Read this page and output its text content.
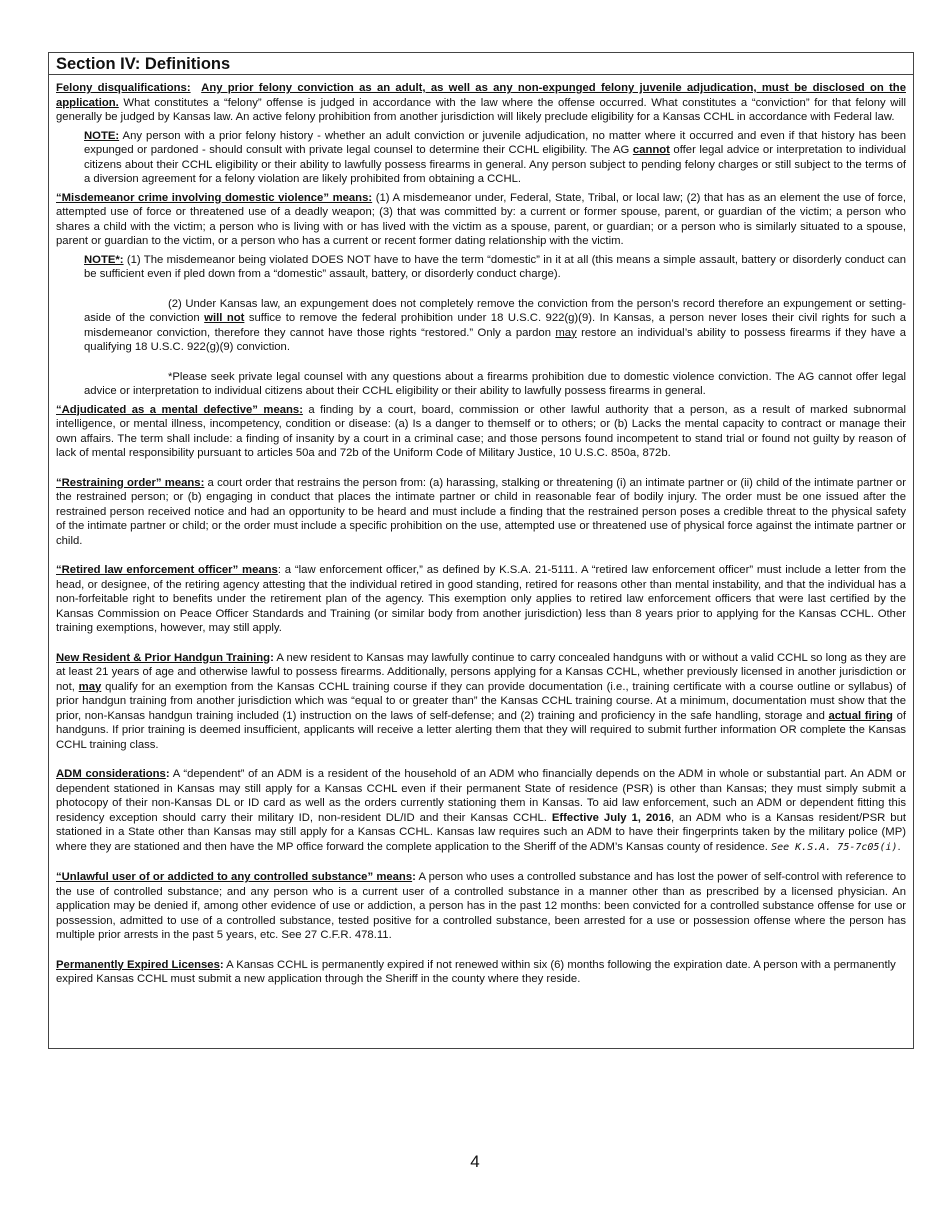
Section IV: Definitions

Felony disqualifications: Any prior felony conviction as an adult, as well as any non-expunged felony juvenile adjudication, must be disclosed on the application. What constitutes a “felony” offense is judged in accordance with the law where the offense occurred. What constitutes a “conviction” for that felony will generally be judged by Kansas law. An active felony prohibition from another jurisdiction will likely preclude eligibility for a Kansas CCHL in accordance with Federal law.

NOTE: Any person with a prior felony history - whether an adult conviction or juvenile adjudication, no matter where it occurred and even if that history has been expunged or pardoned - should consult with private legal counsel to determine their CCHL eligibility. The AG cannot offer legal advice or interpretation to individual citizens about their CCHL eligibility or their ability to lawfully possess firearms in general. Any person subject to pending felony charges or still subject to the terms of a diversion agreement for a felony violation are likely prohibited from obtaining a CCHL.

“Misdemeanor crime involving domestic violence” means: (1) A misdemeanor under, Federal, State, Tribal, or local law; (2) that has as an element the use of force, attempted use of force or threatened use of a deadly weapon; (3) that was committed by: a current or former spouse, parent, or guardian of the victim; a person who shares a child with the victim; a person who is living with or has lived with the victim as a spouse, parent, or guardian; or a person who is similarly situated to a spouse, parent or guardian to the victim, or a person who has a current or recent former dating relationship with the victim.

NOTE*: (1) The misdemeanor being violated DOES NOT have to have the term “domestic” in it at all (this means a simple assault, battery or disorderly conduct can be sufficient even if pled down from a “domestic” assault, battery, or disorderly conduct charge).

(2) Under Kansas law, an expungement does not completely remove the conviction from the person’s record therefore an expungement or setting-aside of the conviction will not suffice to remove the federal prohibition under 18 U.S.C. 922(g)(9). In Kansas, a person never loses their civil rights for such a misdemeanor conviction, therefore they cannot have those rights “restored.” Only a pardon may restore an individual’s ability to possess firearms if they have a qualifying 18 U.S.C. 922(g)(9) conviction.

*Please seek private legal counsel with any questions about a firearms prohibition due to domestic violence conviction. The AG cannot offer legal advice or interpretation to individual citizens about their CCHL eligibility or their ability to lawfully possess firearms in general.

“Adjudicated as a mental defective” means: a finding by a court, board, commission or other lawful authority that a person, as a result of marked subnormal intelligence, or mental illness, incompetency, condition or disease: (a) Is a danger to themself or to others; or (b) Lacks the mental capacity to contract or manage their own affairs. The term shall include: a finding of insanity by a court in a criminal case; and those persons found incompetent to stand trial or found not guilty by reason of lack of mental responsibility pursuant to articles 50a and 72b of the Uniform Code of Military Justice, 10 U.S.C. 850a, 872b.

“Restraining order” means: a court order that restrains the person from: (a) harassing, stalking or threatening (i) an intimate partner or (ii) child of the intimate partner or the restrained person; or (b) engaging in conduct that places the intimate partner or child in reasonable fear of bodily injury. The order must be one issued after the restrained person received notice and had an opportunity to be heard and must include a finding that the restrained person poses a credible threat to the physical safety of the intimate partner or child; or the order must include a specific prohibition on the use, attempted use or threatened use of physical force against the intimate partner or child.

“Retired law enforcement officer” means: a “law enforcement officer,” as defined by K.S.A. 21-5111. A “retired law enforcement officer” must include a letter from the head, or designee, of the retiring agency attesting that the individual retired in good standing, retired for reasons other than mental instability, and that the individual has a non-forfeitable right to benefits under the retirement plan of the agency. This exemption only applies to retired law enforcement officers that were last certified by the Kansas Commission on Peace Officer Standards and Training (or similar body from another jurisdiction) less than 8 years prior to applying for the Kansas CCHL. Other training exemptions, however, may still apply.

New Resident & Prior Handgun Training: A new resident to Kansas may lawfully continue to carry concealed handguns with or without a valid CCHL so long as they are at least 21 years of age and otherwise lawful to possess firearms. Additionally, persons applying for a Kansas CCHL, whether previously licensed in another jurisdiction or not, may qualify for an exemption from the Kansas CCHL training course if they can provide documentation (i.e., training certificate with a course outline or syllabus) of prior handgun training from another jurisdiction which was “equal to or greater than” the Kansas CCHL training course. At a minimum, documentation must show that the prior, non-Kansas handgun training included (1) instruction on the laws of self-defense; and (2) training and proficiency in the safe handling, storage and actual firing of handguns. If prior training is deemed insufficient, applicants will receive a letter alerting them that they will required to submit further information OR complete the Kansas CCHL training class.

ADM considerations: A “dependent” of an ADM is a resident of the household of an ADM who financially depends on the ADM in whole or substantial part. An ADM or dependent stationed in Kansas may still apply for a Kansas CCHL even if their permanent State of residence (PSR) is other than Kansas; they must simply submit a photocopy of their non-Kansas DL or ID card as well as the orders currently stationing them in Kansas. To aid law enforcement, such an ADM or dependent fitting this residency exception should carry their military ID, non-resident DL/ID and their Kansas CCHL. Effective July 1, 2016, an ADM who is a Kansas resident/PSR but stationed in a State other than Kansas may still apply for a Kansas CCHL. Kansas law requires such an ADM to have their fingerprints taken by the military police (MP) where they are stationed and then have the MP office forward the complete application to the Sheriff of the ADM’s Kansas county of residence. See K.S.A. 75-7c05(i).

“Unlawful user of or addicted to any controlled substance” means: A person who uses a controlled substance and has lost the power of self-control with reference to the use of controlled substance; and any person who is a current user of a controlled substance in a manner other than as prescribed by a licensed physician. An application may be denied if, among other evidence of use or addiction, a person has in the past 12 months: been convicted for a controlled substance offense for use or possession, admitted to use of a controlled substance, tested positive for a controlled substance, been arrested for a use or possession offense where the person has multiple prior arrests in the past 5 years, etc. See 27 C.F.R. 478.11.

Permanently Expired Licenses: A Kansas CCHL is permanently expired if not renewed within six (6) months following the expiration date. A person with a permanently expired Kansas CCHL must submit a new application through the Sheriff in the county where they reside.

4
